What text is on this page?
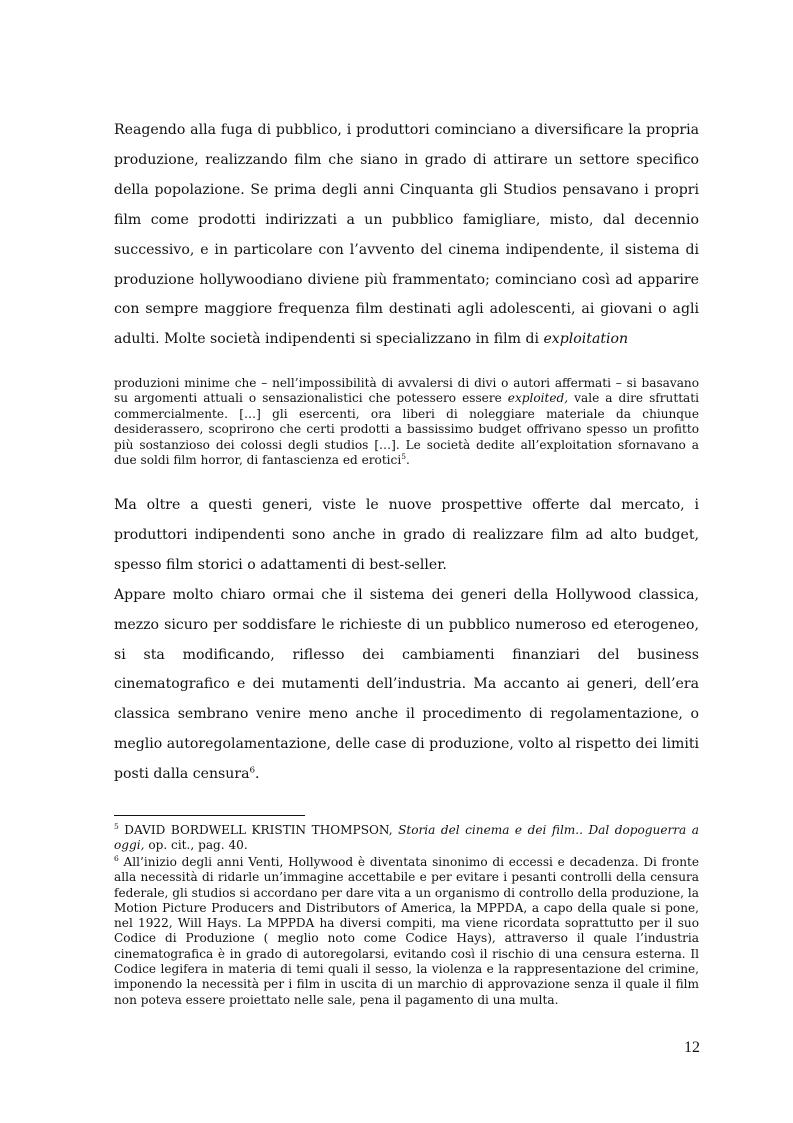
Reagendo alla fuga di pubblico, i produttori cominciano a diversificare la propria produzione, realizzando film che siano in grado di attirare un settore specifico della popolazione. Se prima degli anni Cinquanta gli Studios pensavano i propri film come prodotti indirizzati a un pubblico famigliare, misto, dal decennio successivo, e in particolare con l’avvento del cinema indipendente, il sistema di produzione hollywoodiano diviene più frammentato; cominciano così ad apparire con sempre maggiore frequenza film destinati agli adolescenti, ai giovani o agli adulti. Molte società indipendenti si specializzano in film di exploitation

produzioni minime che – nell’impossibilità di avvalersi di divi o autori affermati – si basavano su argomenti attuali o sensazionalistici che potessero essere exploited, vale a dire sfruttati commercialmente. […] gli esercenti, ora liberi di noleggiare materiale da chiunque desiderassero, scoprirono che certi prodotti a bassissimo budget offrivano spesso un profitto più sostanzioso dei colossi degli studios […]. Le società dedite all’exploitation sfornavano a due soldi film horror, di fantascienza ed erotici$^5$.

Ma oltre a questi generi, viste le nuove prospettive offerte dal mercato, i produttori indipendenti sono anche in grado di realizzare film ad alto budget, spesso film storici o adattamenti di best-seller.

Appare molto chiaro ormai che il sistema dei generi della Hollywood classica, mezzo sicuro per soddisfare le richieste di un pubblico numeroso ed eterogeneo, si sta modificando, riflesso dei cambiamenti finanziari del business cinematografico e dei mutamenti dell’industria. Ma accanto ai generi, dell’era classica sembrano venire meno anche il procedimento di regolamentazione, o meglio autoregolamentazione, delle case di produzione, volto al rispetto dei limiti posti dalla censura$^6$.

$^5$ DAVID BORDWELL KRISTIN THOMPSON, Storia del cinema e dei film.. Dal dopoguerra a oggi, op. cit., pag. 40.

$^6$ All’inizio degli anni Venti, Hollywood è diventata sinonimo di eccessi e decadenza. Di fronte alla necessità di ridarle un’immagine accettabile e per evitare i pesanti controlli della censura federale, gli studios si accordano per dare vita a un organismo di controllo della produzione, la Motion Picture Producers and Distributors of America, la MPPDA, a capo della quale si pone, nel 1922, Will Hays. La MPPDA ha diversi compiti, ma viene ricordata soprattutto per il suo Codice di Produzione ( meglio noto come Codice Hays), attraverso il quale l’industria cinematografica è in grado di autoregolarsi, evitando così il rischio di una censura esterna. Il Codice legifera in materia di temi quali il sesso, la violenza e la rappresentazione del crimine, imponendo la necessità per i film in uscita di un marchio di approvazione senza il quale il film non poteva essere proiettato nelle sale, pena il pagamento di una multa.

12
